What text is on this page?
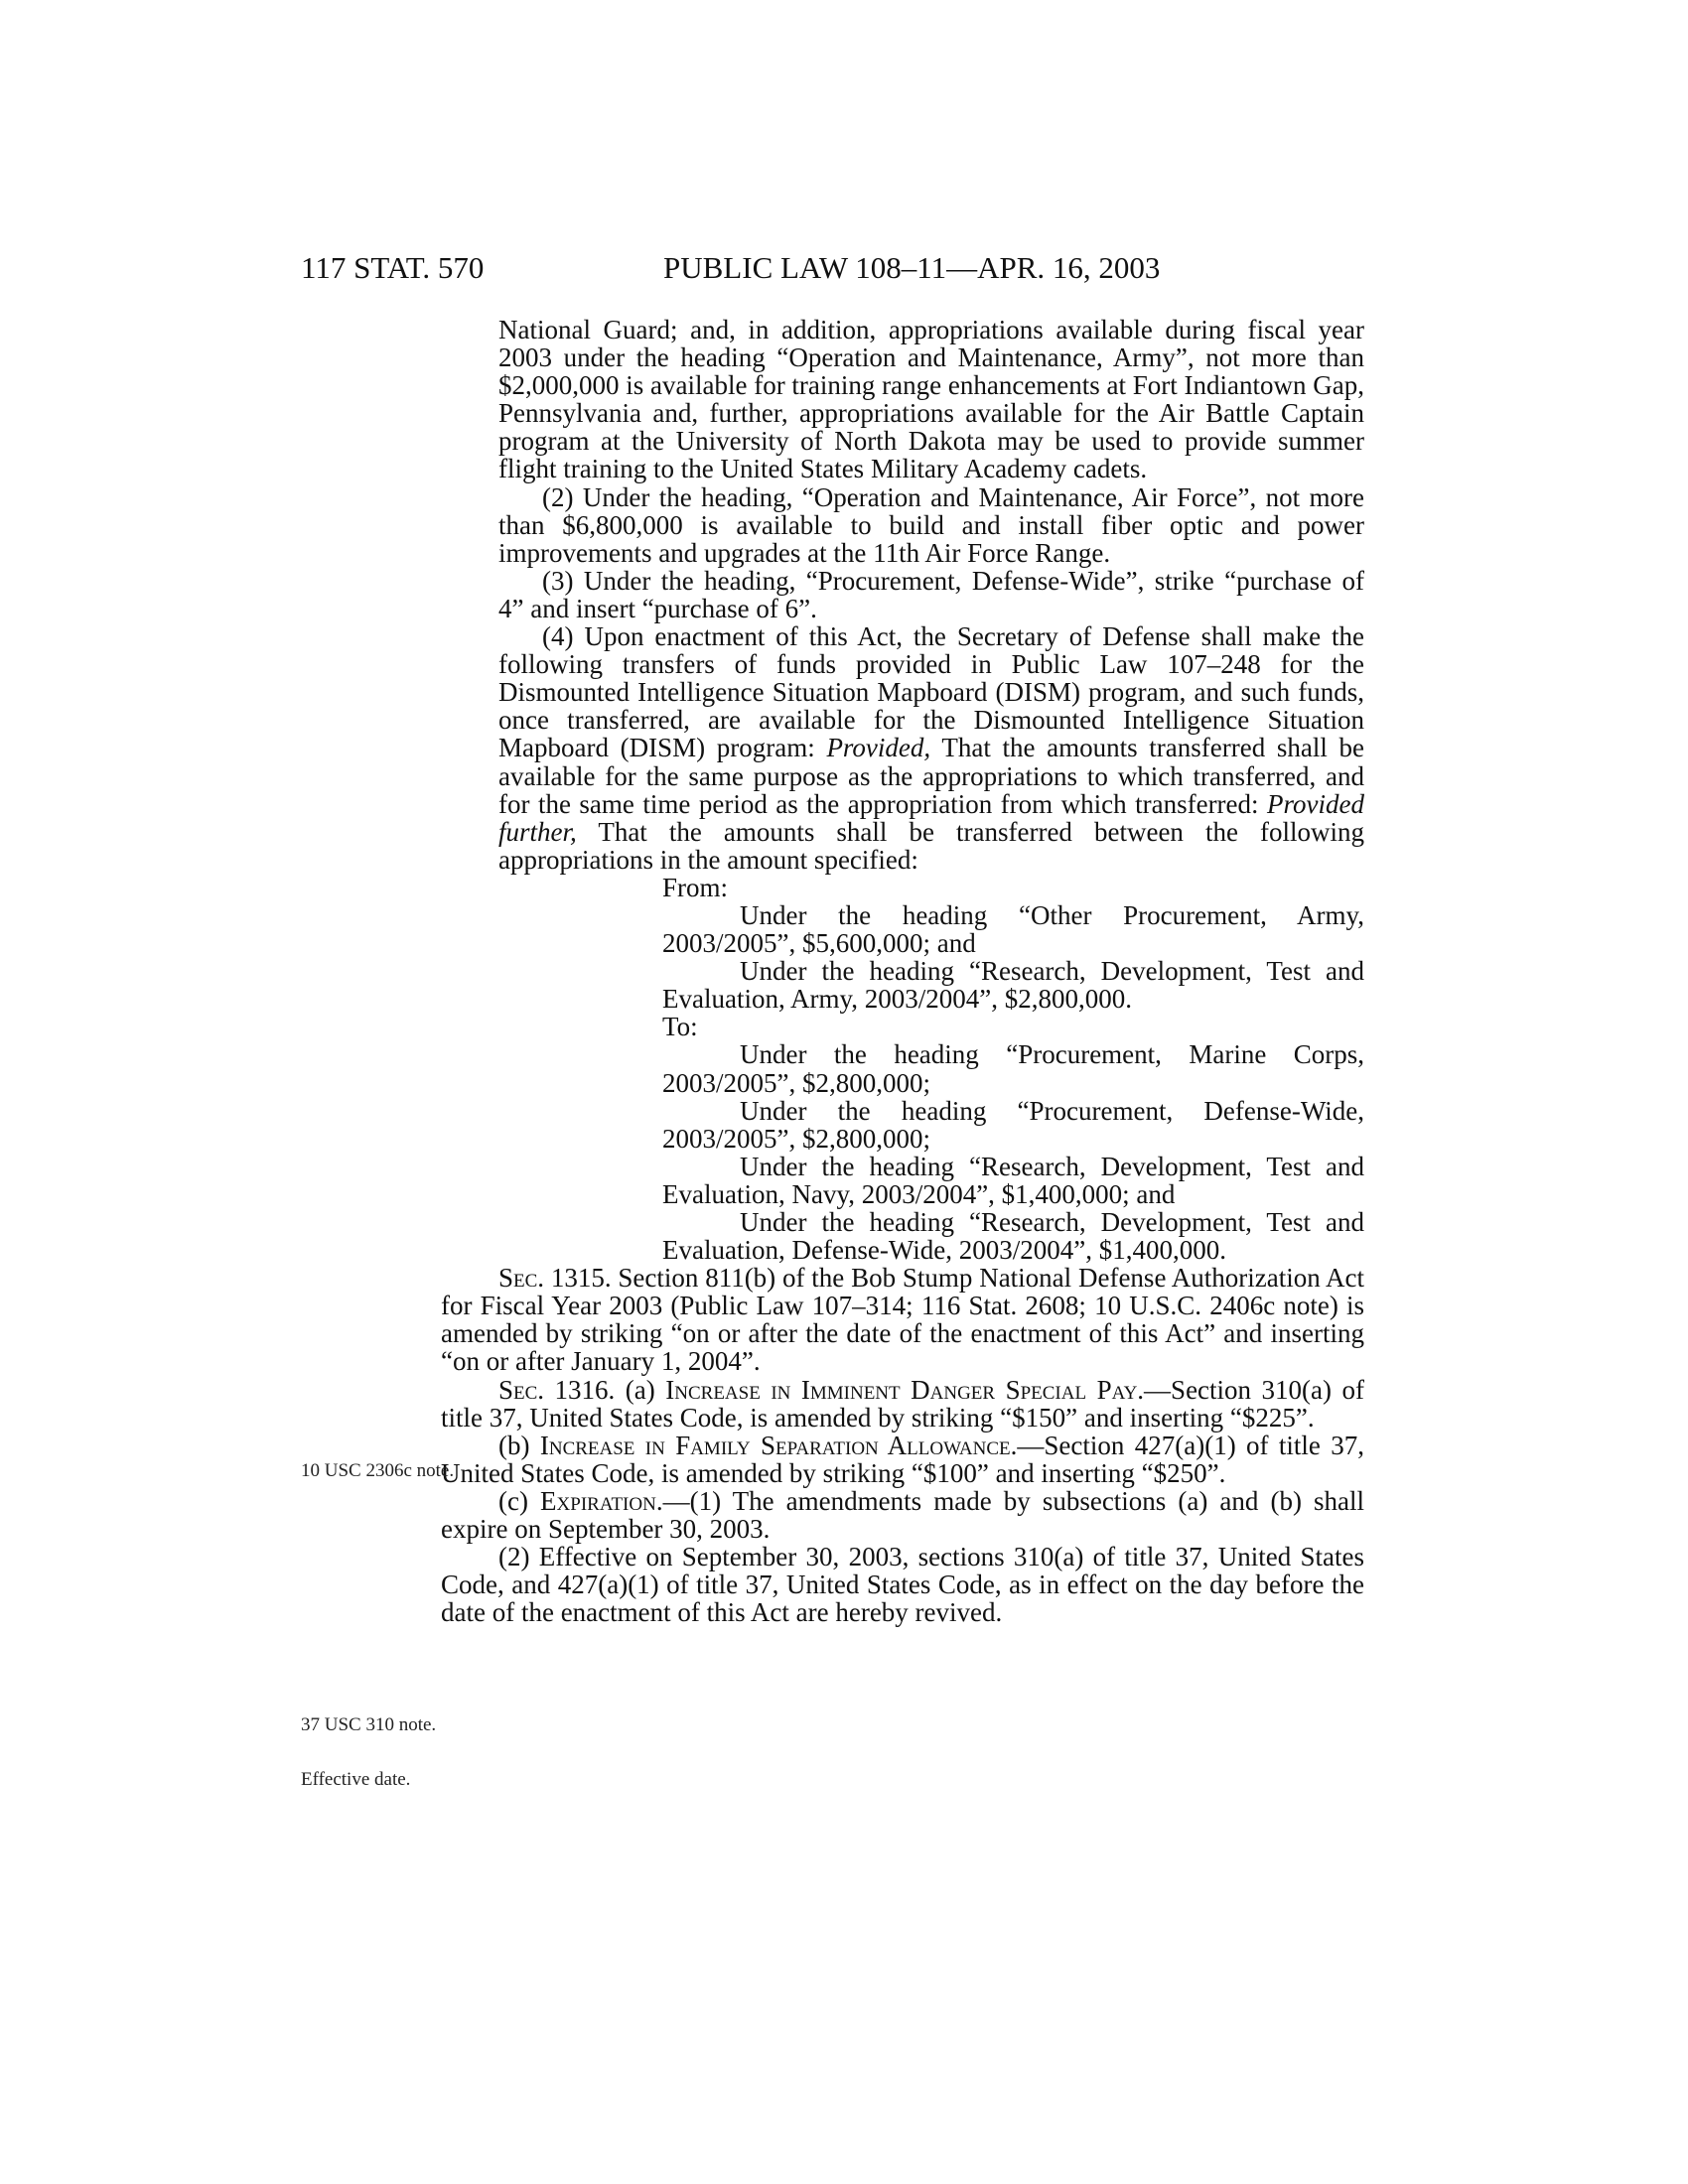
117 STAT. 570	PUBLIC LAW 108–11—APR. 16, 2003

National Guard; and, in addition, appropriations available during fiscal year 2003 under the heading “Operation and Maintenance, Army”, not more than $2,000,000 is available for training range enhancements at Fort Indiantown Gap, Pennsylvania and, further, appropriations available for the Air Battle Captain program at the University of North Dakota may be used to provide summer flight training to the United States Military Academy cadets.

(2) Under the heading, “Operation and Maintenance, Air Force”, not more than $6,800,000 is available to build and install fiber optic and power improvements and upgrades at the 11th Air Force Range.

(3) Under the heading, “Procurement, Defense-Wide”, strike “purchase of 4” and insert “purchase of 6”.

(4) Upon enactment of this Act, the Secretary of Defense shall make the following transfers of funds provided in Public Law 107–248 for the Dismounted Intelligence Situation Mapboard (DISM) program, and such funds, once transferred, are available for the Dismounted Intelligence Situation Mapboard (DISM) program: Provided, That the amounts transferred shall be available for the same purpose as the appropriations to which transferred, and for the same time period as the appropriation from which transferred: Provided further, That the amounts shall be transferred between the following appropriations in the amount specified:

From:

Under the heading “Other Procurement, Army, 2003/2005”, $5,600,000; and

Under the heading “Research, Development, Test and Evaluation, Army, 2003/2004”, $2,800,000.

To:

Under the heading “Procurement, Marine Corps, 2003/2005”, $2,800,000;

Under the heading “Procurement, Defense-Wide, 2003/2005”, $2,800,000;

Under the heading “Research, Development, Test and Evaluation, Navy, 2003/2004”, $1,400,000; and

Under the heading “Research, Development, Test and Evaluation, Defense-Wide, 2003/2004”, $1,400,000.

Sec. 1315. Section 811(b) of the Bob Stump National Defense Authorization Act for Fiscal Year 2003 (Public Law 107–314; 116 Stat. 2608; 10 U.S.C. 2406c note) is amended by striking “on or after the date of the enactment of this Act” and inserting “on or after January 1, 2004”.

Sec. 1316. (a) Increase in Imminent Danger Special Pay.—Section 310(a) of title 37, United States Code, is amended by striking “$150” and inserting “$225”.

(b) Increase in Family Separation Allowance.—Section 427(a)(1) of title 37, United States Code, is amended by striking “$100” and inserting “$250”.

(c) Expiration.—(1) The amendments made by subsections (a) and (b) shall expire on September 30, 2003.

(2) Effective on September 30, 2003, sections 310(a) of title 37, United States Code, and 427(a)(1) of title 37, United States Code, as in effect on the day before the date of the enactment of this Act are hereby revived.

10 USC 2306c note.
37 USC 310 note.
Effective date.
